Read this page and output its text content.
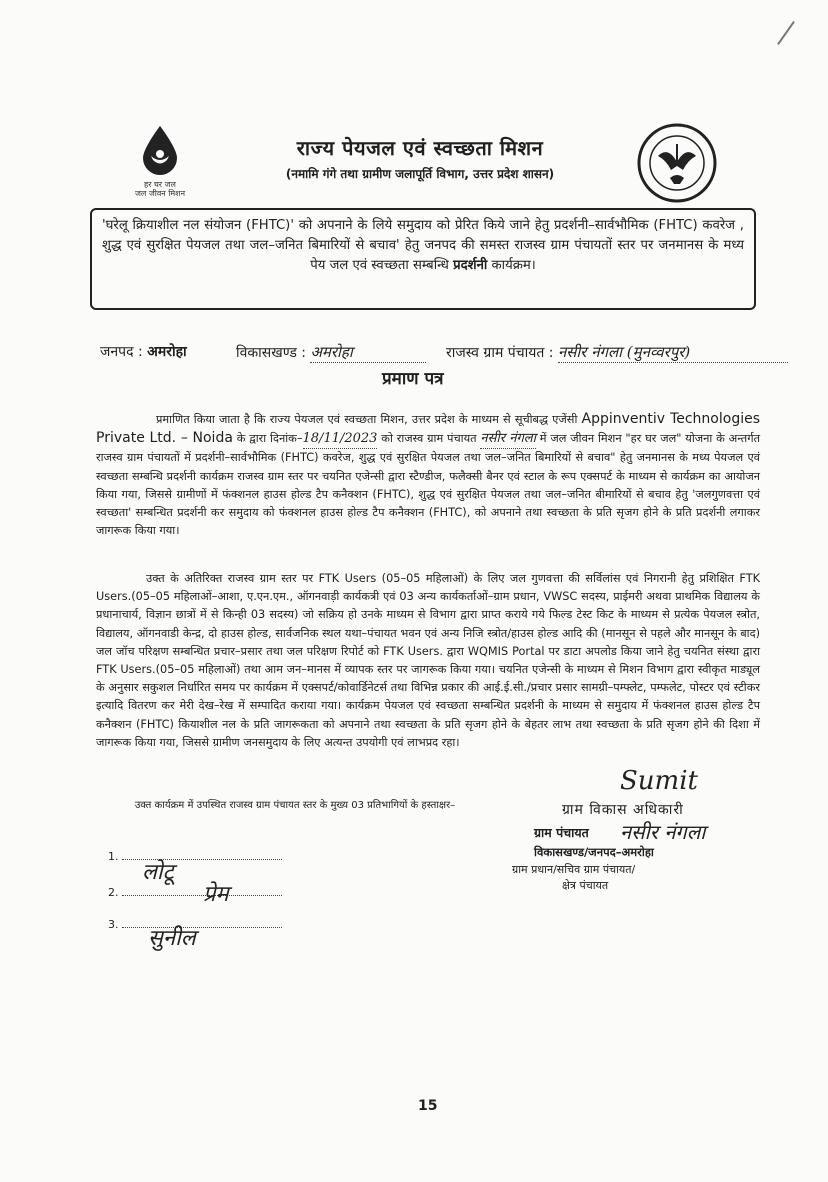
हर घर जल
जल जीवन मिशन
राज्य पेयजल एवं स्वच्छता मिशन
(नमामि गंगे तथा ग्रामीण जलापूर्ति विभाग, उत्तर प्रदेश शासन)
'घरेलू क्रियाशील नल संयोजन (FHTC)' को अपनाने के लिये समुदाय को प्रेरित किये जाने हेतु प्रदर्शनी–सार्वभौमिक (FHTC) कवरेज , शुद्ध एवं सुरक्षित पेयजल तथा जल–जनित बिमारियों से बचाव' हेतु जनपद की समस्त राजस्व ग्राम पंचायतों स्तर पर जनमानस के मध्य पेय जल एवं स्वच्छता सम्बन्धि प्रदर्शनी कार्यक्रम।
जनपद : अमरोहा	विकासखण्ड : अमरोहा	राजस्व ग्राम पंचायत : नसीर नंगला (मुनव्वरपुर)
प्रमाण पत्र
प्रमाणित किया जाता है कि राज्य पेयजल एवं स्वच्छता मिशन, उत्तर प्रदेश के माध्यम से सूचीबद्ध एजेंसी Appinventiv Technologies Private Ltd. – Noida के द्वारा दिनांक–18/11/2023 को राजस्व ग्राम पंचायत नसीर नंगला में जल जीवन मिशन "हर घर जल" योजना के अन्तर्गत राजस्व ग्राम पंचायतों में प्रदर्शनी–सार्वभौमिक (FHTC) कवरेज, शुद्ध एवं सुरक्षित पेयजल तथा जल–जनित बिमारियों से बचाव" हेतु जनमानस के मध्य पेयजल एवं स्वच्छता सम्बन्धि प्रदर्शनी कार्यक्रम राजस्व ग्राम स्तर पर चयनित एजेन्सी द्वारा स्टैण्डीज, फलैक्सी बैनर एवं स्टाल के रूप एक्सपर्ट के माध्यम से कार्यक्रम का आयोजन किया गया, जिससे ग्रामीणों में फंक्शनल हाउस होल्ड टैप कनैक्शन (FHTC), शुद्ध एवं सुरक्षित पेयजल तथा जल–जनित बीमारियों से बचाव हेतु 'जलगुणवत्ता एवं स्वच्छता' सम्बन्धित प्रदर्शनी कर समुदाय को फंक्शनल हाउस होल्ड टैप कनैक्शन (FHTC), को अपनाने तथा स्वच्छता के प्रति सृजग होने के प्रति प्रदर्शनी लगाकर जागरूक किया गया।
उक्त के अतिरिक्त राजस्व ग्राम स्तर पर FTK Users (05–05 महिलाओं) के लिए जल गुणवत्ता की सर्विलांस एवं निगरानी हेतु प्रशिक्षित FTK Users.(05–05 महिलाओं–आशा, ए.एन.एम., ऑगनवाड़ी कार्यकत्री एवं 03 अन्य कार्यकर्ताओं–ग्राम प्रधान, VWSC सदस्य, प्राईमरी अथवा प्राथमिक विद्यालय के प्रधानाचार्य, विज्ञान छात्रों में से किन्ही 03 सदस्य) जो सक्रिय हो उनके माध्यम से विभाग द्वारा प्राप्त कराये गये फिल्ड टेस्ट किट के माध्यम से प्रत्येक पेयजल स्त्रोत, विद्यालय, ऑगनवाडी केन्द्र, दो हाउस होल्ड, सार्वजनिक स्थल यथा–पंचायत भवन एवं अन्य निजि स्त्रोत/हाउस होल्ड आदि की (मानसून से पहले और मानसून के बाद) जल जॉच परिक्षण सम्बन्धित प्रचार–प्रसार तथा जल परिक्षण रिपोर्ट को FTK Users. द्वारा WQMIS Portal पर डाटा अपलोड किया जाने हेतु चयनित संस्था द्वारा FTK Users.(05–05 महिलाओं) तथा आम जन–मानस में व्यापक स्तर पर जागरूक किया गया। चयनित एजेन्सी के माध्यम से मिशन विभाग द्वारा स्वीकृत माड्यूल के अनुसार सकुशल निर्धारित समय पर कार्यक्रम में एक्सपर्ट/कोवार्डिनेटर्स तथा विभिन्न प्रकार की आई.ई.सी./प्रचार प्रसार सामग्री–पम्फ्लेट, पम्फलेट, पोस्टर एवं स्टीकर इत्यादि वितरण कर मेरी देख–रेख में सम्पादित कराया गया। कार्यक्रम पेयजल एवं स्वच्छता सम्बन्धित प्रदर्शनी के माध्यम से समुदाय में फंक्शनल हाउस होल्ड टैप कनैक्शन (FHTC) कियाशील नल के प्रति जागरूकता को अपनाने तथा स्वच्छता के प्रति सृजग होने के बेहतर लाभ तथा स्वच्छता के प्रति सृजग होने की दिशा में जागरूक किया गया, जिससे ग्रामीण जनसमुदाय के लिए अत्यन्त उपयोगी एवं लाभप्रद रहा।
उक्त कार्यक्रम में उपस्थित राजस्व ग्राम पंचायत स्तर के मुख्य 03 प्रतिभागियों के हस्ताक्षर–
1.
लोटू
2.	प्रेम
3.
सुनील
Sumit
ग्राम विकास अधिकारी
ग्राम पंचायत नसीर नंगला
विकासखण्ड/जनपद–अमरोहा
ग्राम प्रधान/सचिव ग्राम पंचायत/
क्षेत्र पंचायत
15
